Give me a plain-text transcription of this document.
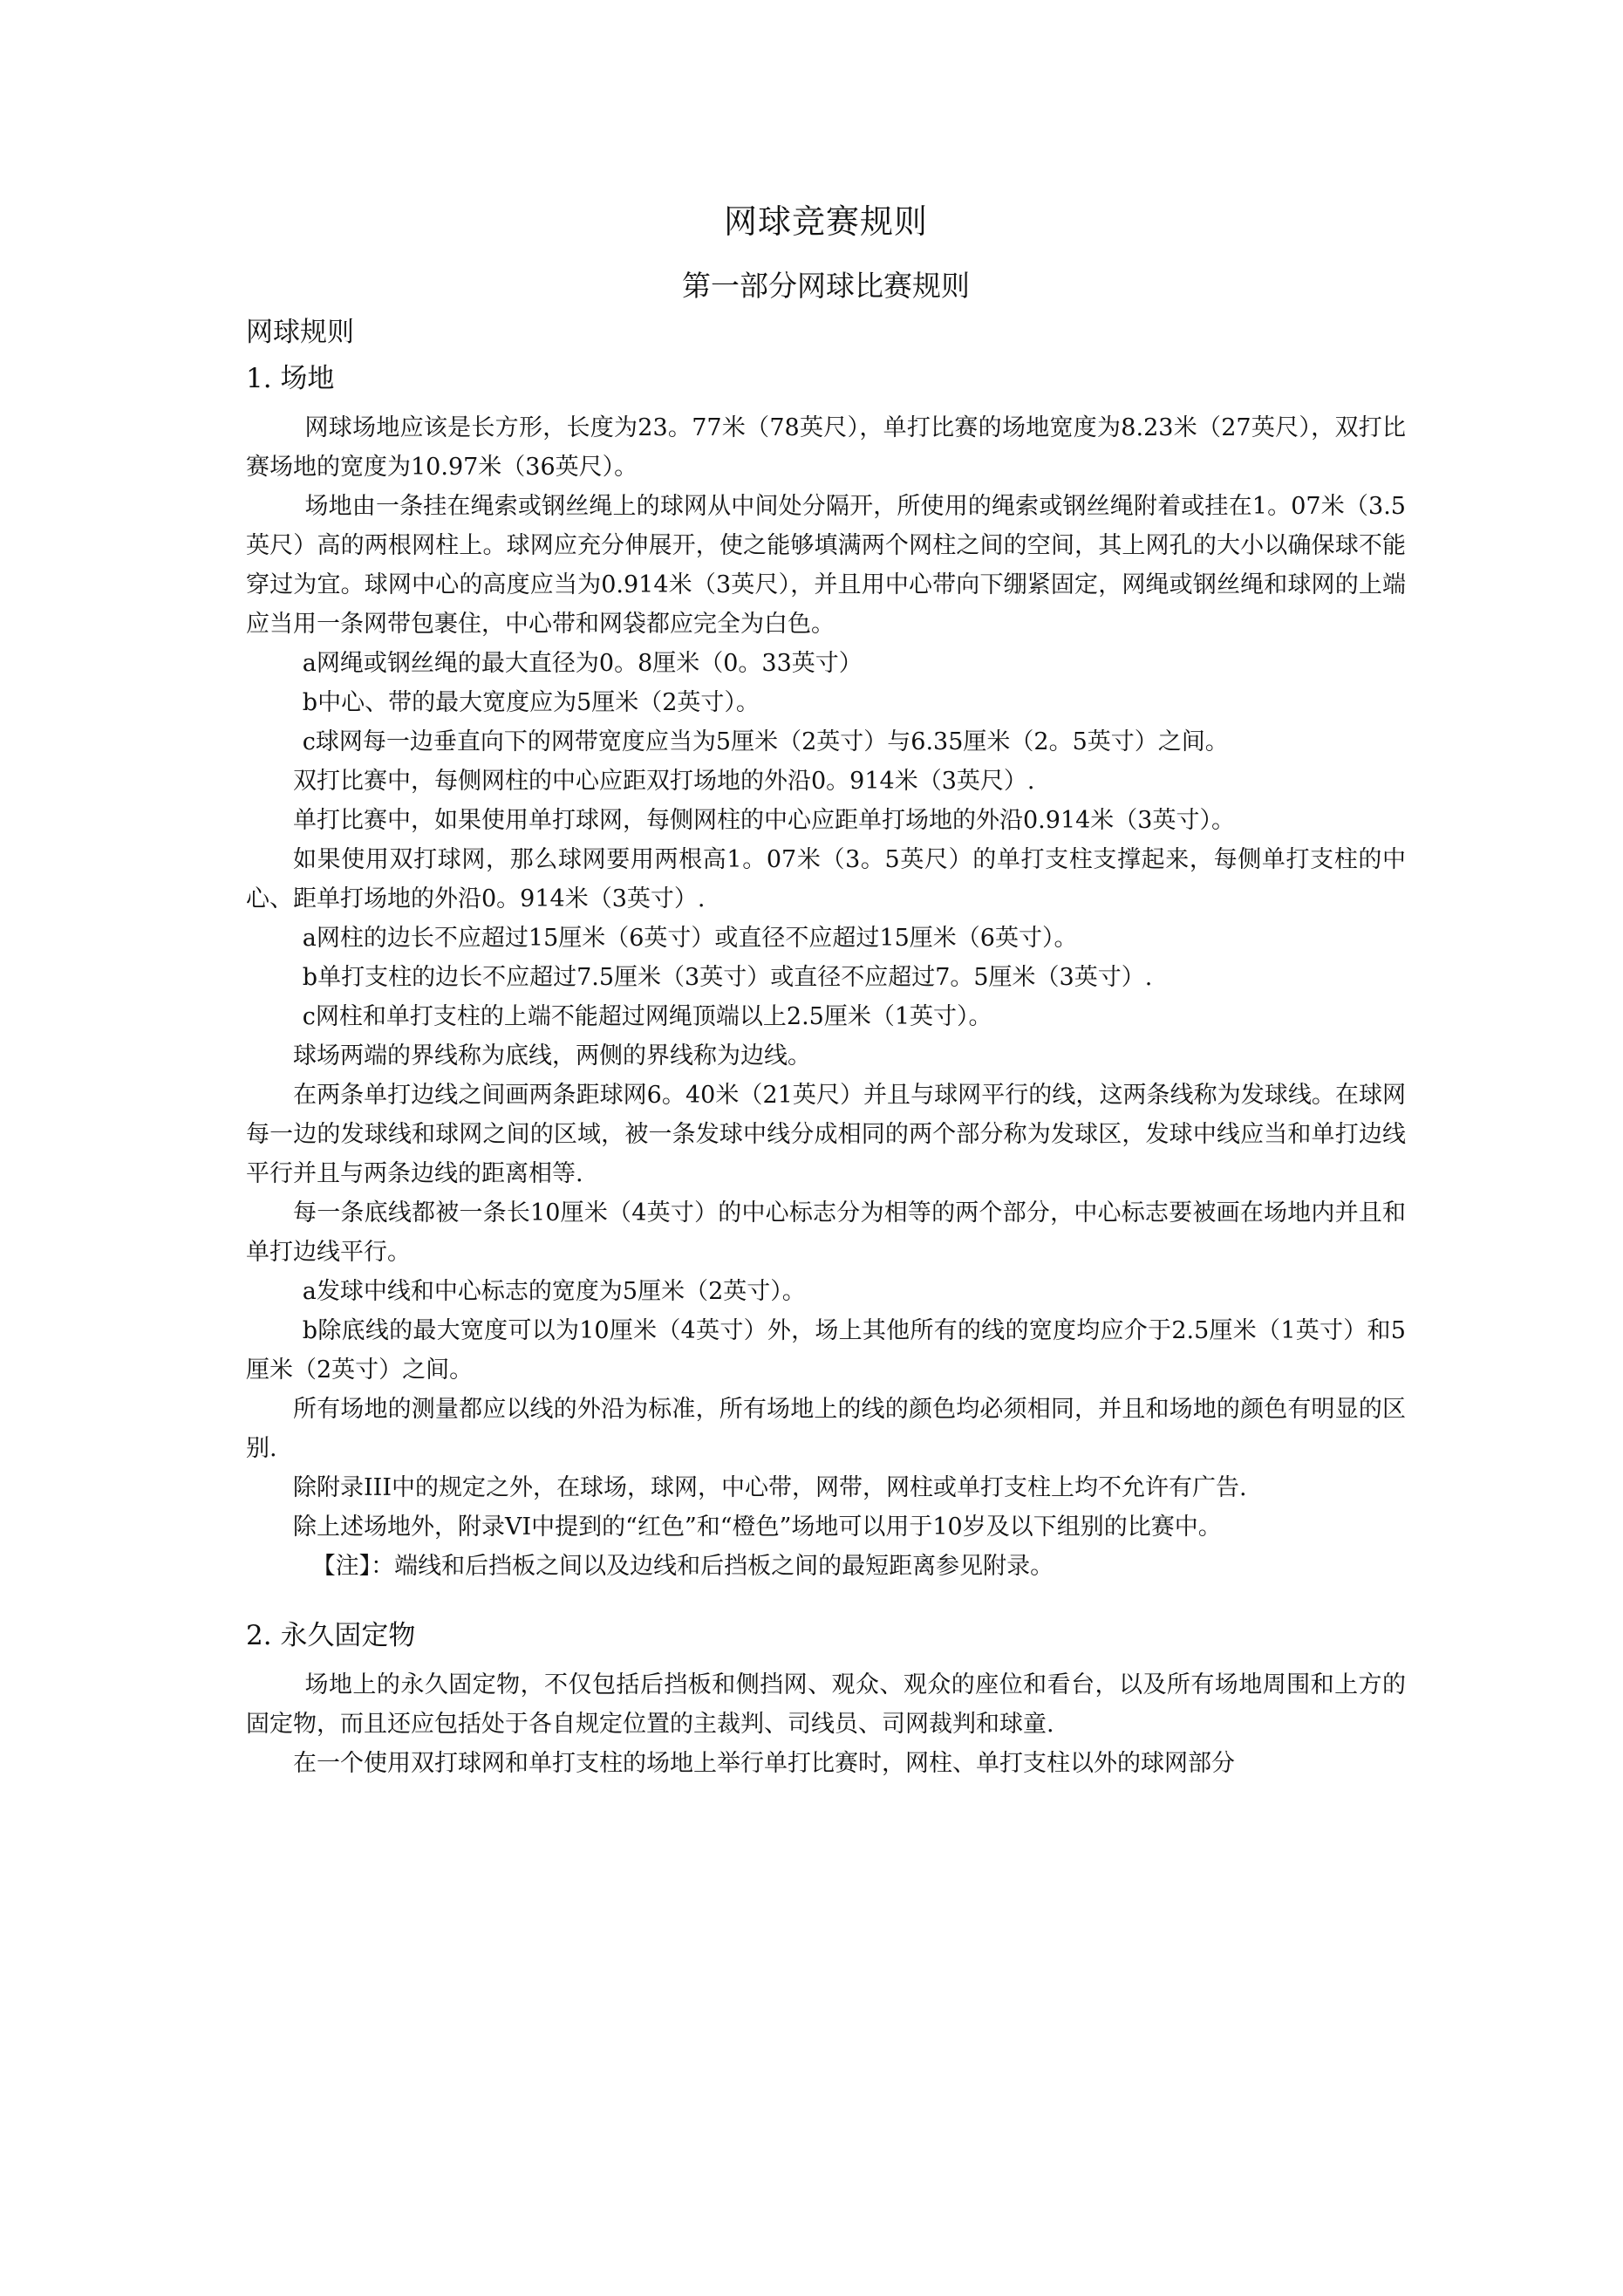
网球竞赛规则
第一部分网球比赛规则
网球规则
1. 场地

网球场地应该是长方形，长度为23。77米（78英尺），单打比赛的场地宽度为8.23米（27英尺），双打比赛场地的宽度为10.97米（36英尺）。

场地由一条挂在绳索或钢丝绳上的球网从中间处分隔开，所使用的绳索或钢丝绳附着或挂在1。07米（3.5英尺）高的两根网柱上。球网应充分伸展开，使之能够填满两个网柱之间的空间，其上网孔的大小以确保球不能穿过为宜。球网中心的高度应当为0.914米（3英尺），并且用中心带向下绷紧固定，网绳或钢丝绳和球网的上端应当用一条网带包裹住，中心带和网袋都应完全为白色。

a网绳或钢丝绳的最大直径为0。8厘米（0。33英寸）

b中心、带的最大宽度应为5厘米（2英寸）。

c球网每一边垂直向下的网带宽度应当为5厘米（2英寸）与6.35厘米（2。5英寸）之间。

双打比赛中，每侧网柱的中心应距双打场地的外沿0。914米（3英尺）.

单打比赛中，如果使用单打球网，每侧网柱的中心应距单打场地的外沿0.914米（3英寸）。

如果使用双打球网，那么球网要用两根高1。07米（3。5英尺）的单打支柱支撑起来，每侧单打支柱的中心、距单打场地的外沿0。914米（3英寸）.

a网柱的边长不应超过15厘米（6英寸）或直径不应超过15厘米（6英寸）。

b单打支柱的边长不应超过7.5厘米（3英寸）或直径不应超过7。5厘米（3英寸）.

c网柱和单打支柱的上端不能超过网绳顶端以上2.5厘米（1英寸）。

球场两端的界线称为底线，两侧的界线称为边线。

在两条单打边线之间画两条距球网6。40米（21英尺）并且与球网平行的线，这两条线称为发球线。在球网每一边的发球线和球网之间的区域，被一条发球中线分成相同的两个部分称为发球区，发球中线应当和单打边线平行并且与两条边线的距离相等.

每一条底线都被一条长10厘米（4英寸）的中心标志分为相等的两个部分，中心标志要被画在场地内并且和单打边线平行。

a发球中线和中心标志的宽度为5厘米（2英寸）。

b除底线的最大宽度可以为10厘米（4英寸）外，场上其他所有的线的宽度均应介于2.5厘米（1英寸）和5厘米（2英寸）之间。

所有场地的测量都应以线的外沿为标准，所有场地上的线的颜色均必须相同，并且和场地的颜色有明显的区别.

除附录III中的规定之外，在球场，球网，中心带，网带，网柱或单打支柱上均不允许有广告.

除上述场地外，附录VI中提到的“红色”和“橙色”场地可以用于10岁及以下组别的比赛中。

【注】：端线和后挡板之间以及边线和后挡板之间的最短距离参见附录。

2. 永久固定物

场地上的永久固定物，不仅包括后挡板和侧挡网、观众、观众的座位和看台，以及所有场地周围和上方的固定物，而且还应包括处于各自规定位置的主裁判、司线员、司网裁判和球童.

在一个使用双打球网和单打支柱的场地上举行单打比赛时，网柱、单打支柱以外的球网部分
